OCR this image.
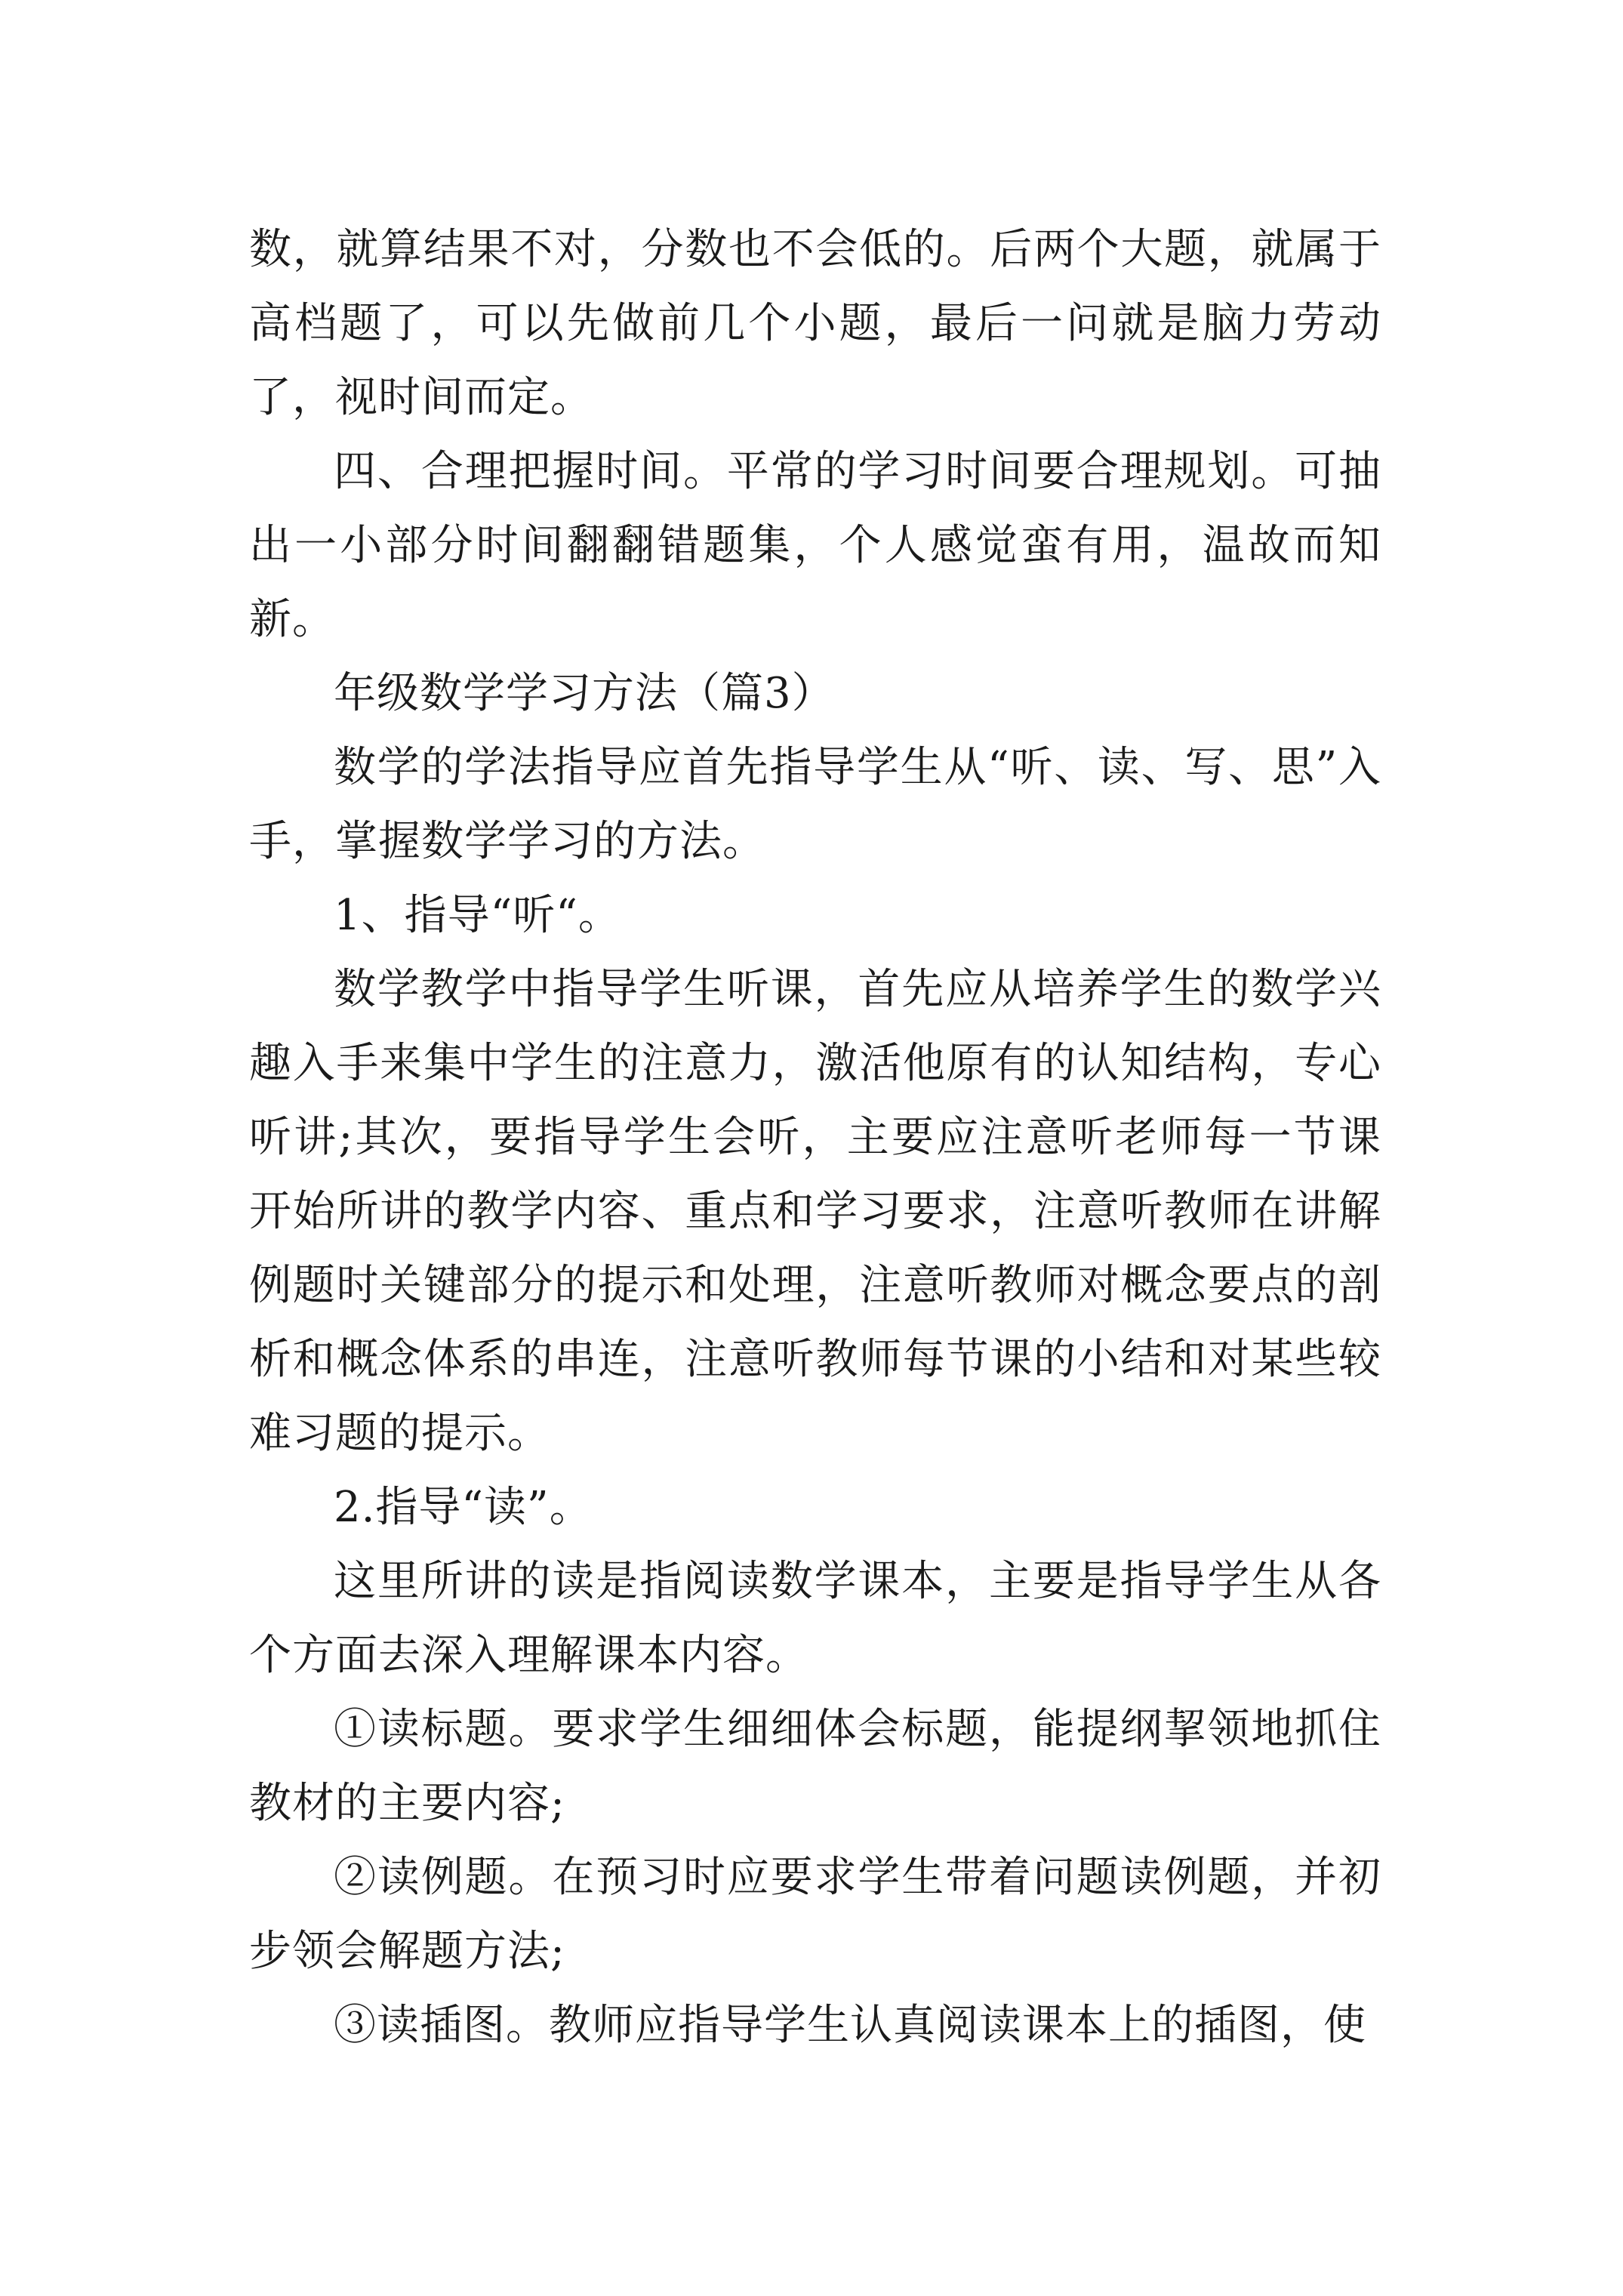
数，就算结果不对，分数也不会低的。后两个大题，就属于高档题了，可以先做前几个小题，最后一问就是脑力劳动了，视时间而定。

四、合理把握时间。平常的学习时间要合理规划。可抽出一小部分时间翻翻错题集，个人感觉蛮有用，温故而知新。

年级数学学习方法（篇3）

数学的学法指导应首先指导学生从“听、读、写、思”入手，掌握数学学习的方法。

1、指导“听“。

数学教学中指导学生听课，首先应从培养学生的数学兴趣入手来集中学生的注意力，激活他原有的认知结构，专心听讲;其次，要指导学生会听，主要应注意听老师每一节课开始所讲的教学内容、重点和学习要求，注意听教师在讲解例题时关键部分的提示和处理，注意听教师对概念要点的剖析和概念体系的串连，注意听教师每节课的小结和对某些较难习题的提示。

2.指导“读”。

这里所讲的读是指阅读数学课本，主要是指导学生从各个方面去深入理解课本内容。

①读标题。要求学生细细体会标题，能提纲挈领地抓住教材的主要内容;

②读例题。在预习时应要求学生带着问题读例题，并初步领会解题方法;

③读插图。教师应指导学生认真阅读课本上的插图，使
